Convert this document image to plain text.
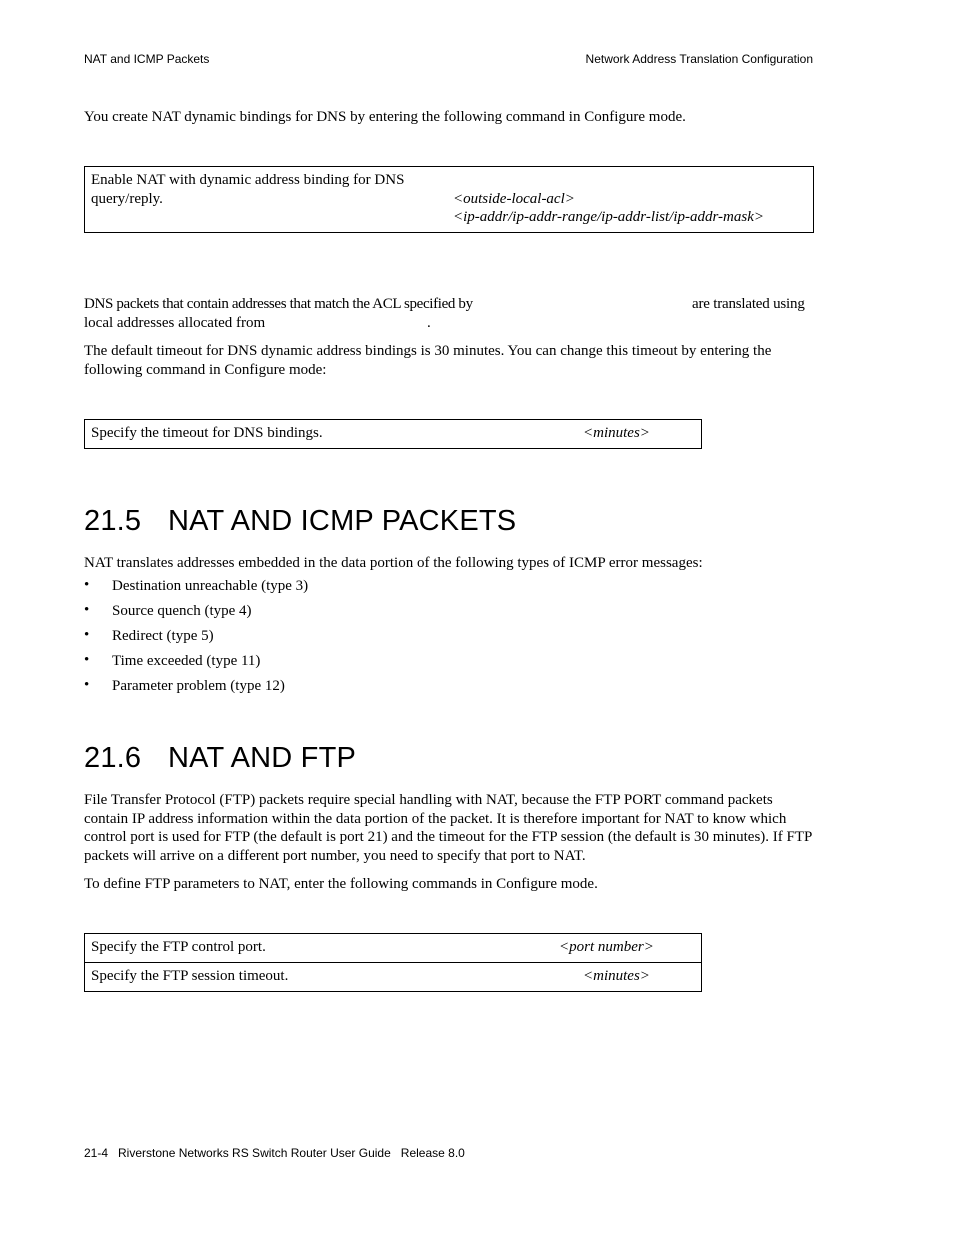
NAT and ICMP Packets	Network Address Translation Configuration
You create NAT dynamic bindings for DNS by entering the following command in Configure mode.
Enable NAT with dynamic address binding for DNS
query/reply.	<outside-local-acl>
<ip-addr/ip-addr-range/ip-addr-list/ip-addr-mask>
DNS packets that contain addresses that match the ACL specified by	are translated using
local addresses allocated from	.
The default timeout for DNS dynamic address bindings is 30 minutes. You can change this timeout by entering the following command in Configure mode:
Specify the timeout for DNS bindings.	<minutes>
21.5 NAT AND ICMP PACKETS
NAT translates addresses embedded in the data portion of the following types of ICMP error messages:
• Destination unreachable (type 3)
• Source quench (type 4)
• Redirect (type 5)
• Time exceeded (type 11)
• Parameter problem (type 12)
21.6 NAT AND FTP
File Transfer Protocol (FTP) packets require special handling with NAT, because the FTP PORT command packets contain IP address information within the data portion of the packet. It is therefore important for NAT to know which control port is used for FTP (the default is port 21) and the timeout for the FTP session (the default is 30 minutes). If FTP packets will arrive on a different port number, you need to specify that port to NAT.
To define FTP parameters to NAT, enter the following commands in Configure mode.
Specify the FTP control port.	<port number>
Specify the FTP session timeout.	<minutes>
21-4   Riverstone Networks RS Switch Router User Guide   Release 8.0
